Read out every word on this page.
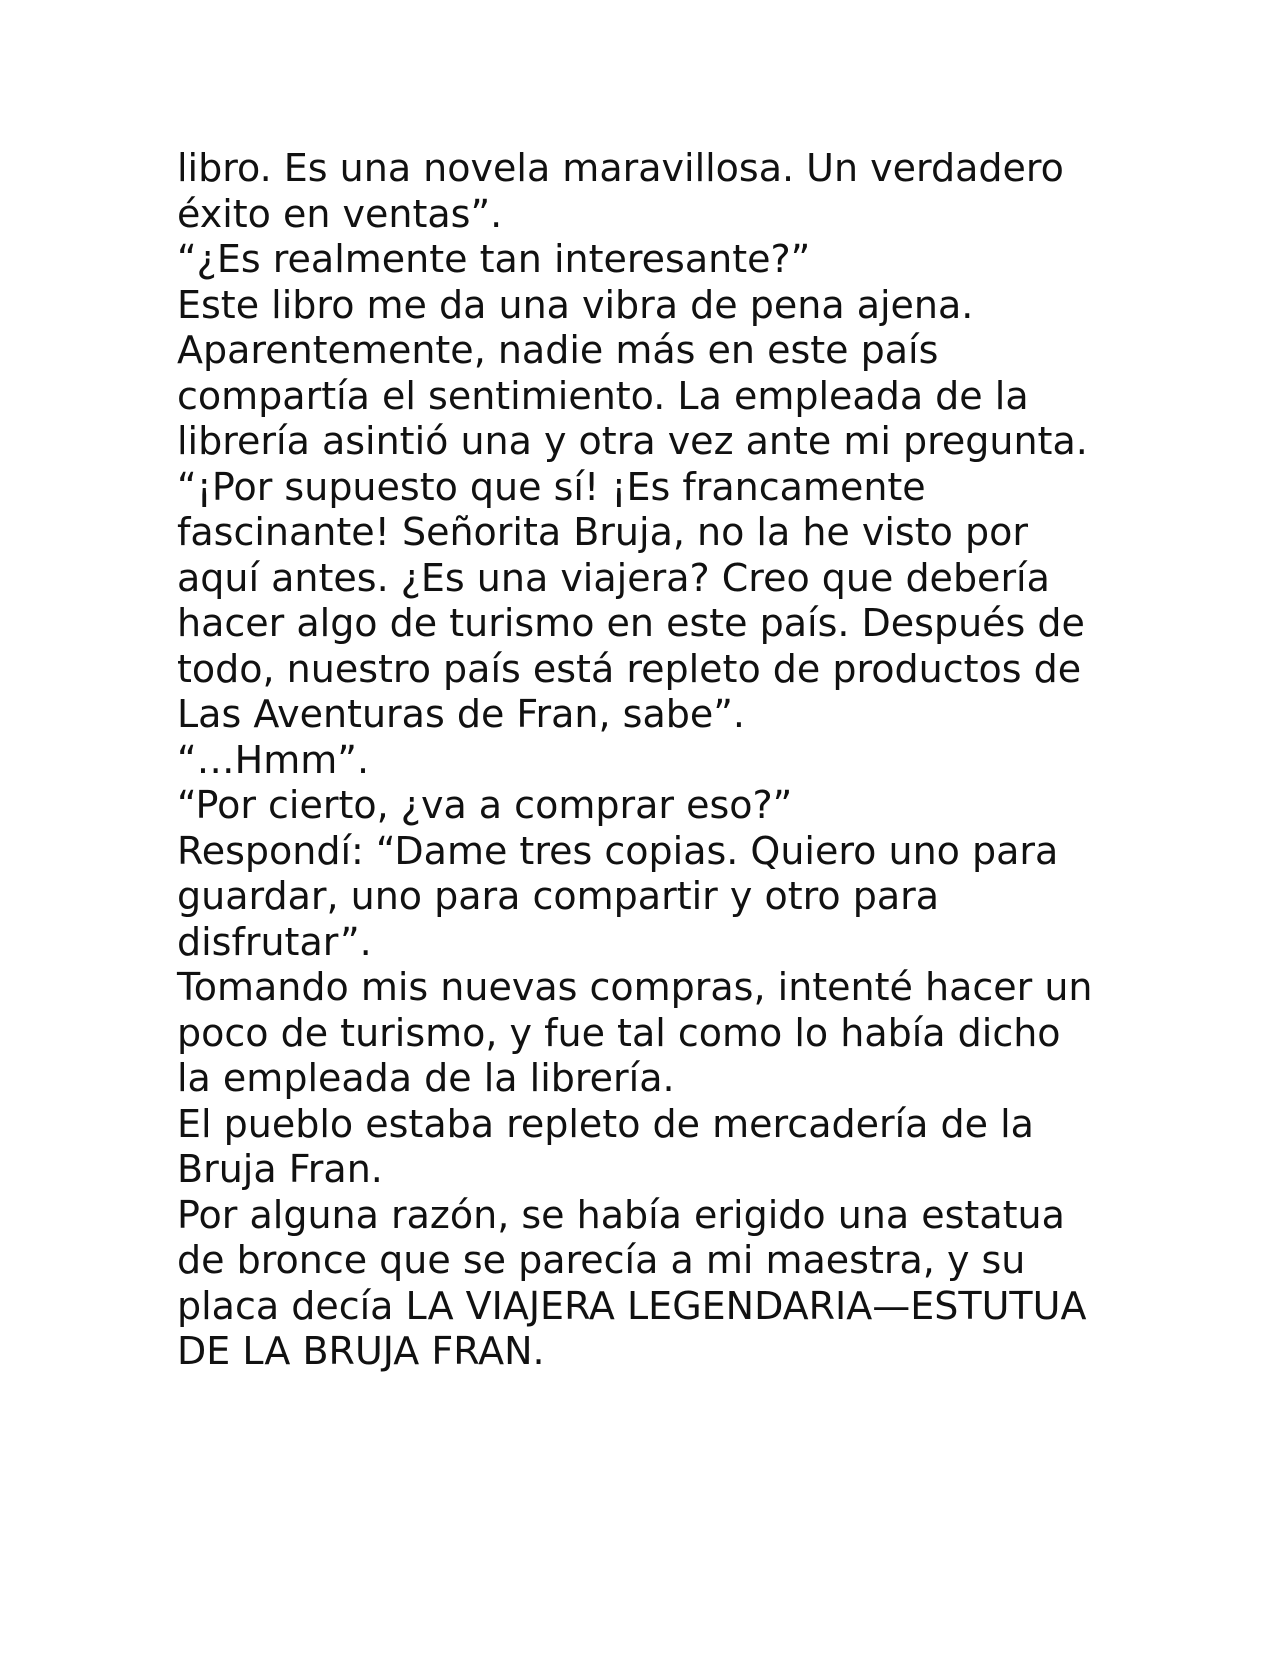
libro. Es una novela maravillosa. Un verdadero
éxito en ventas”.
“¿Es realmente tan interesante?”
Este libro me da una vibra de pena ajena.
Aparentemente, nadie más en este país
compartía el sentimiento. La empleada de la
librería asintió una y otra vez ante mi pregunta.
“¡Por supuesto que sí! ¡Es francamente
fascinante! Señorita Bruja, no la he visto por
aquí antes. ¿Es una viajera? Creo que debería
hacer algo de turismo en este país. Después de
todo, nuestro país está repleto de productos de
Las Aventuras de Fran, sabe”.
“…Hmm”.
“Por cierto, ¿va a comprar eso?”
Respondí: “Dame tres copias. Quiero uno para
guardar, uno para compartir y otro para
disfrutar”.
Tomando mis nuevas compras, intenté hacer un
poco de turismo, y fue tal como lo había dicho
la empleada de la librería.
El pueblo estaba repleto de mercadería de la
Bruja Fran.
Por alguna razón, se había erigido una estatua
de bronce que se parecía a mi maestra, y su
placa decía LA VIAJERA LEGENDARIA—ESTUTUA
DE LA BRUJA FRAN.
